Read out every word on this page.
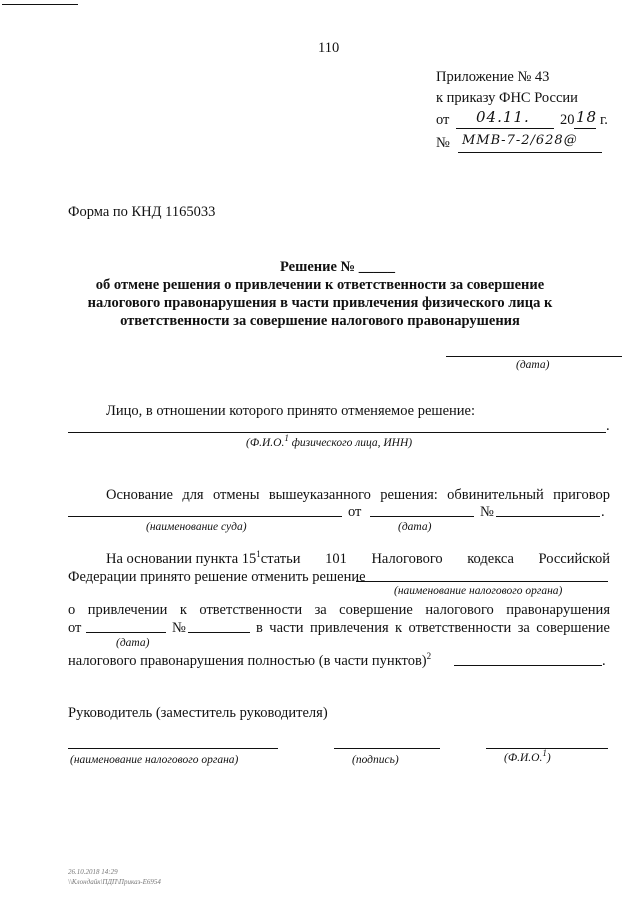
110
Приложение № 43
к приказу ФНС России
от 04.11. 20 18 г.
№ ММВ-7-2/628@
Форма по КНД 1165033
Решение № _____
об отмене решения о привлечении к ответственности за совершение
налогового правонарушения в части привлечения физического лица к
ответственности за совершение налогового правонарушения
(дата)
Лицо, в отношении которого принято отменяемое решение:
.
(Ф.И.О.$^1$ физического лица, ИНН)
Основание для отмены вышеуказанного решения: обвинительный приговор
от	№	.
(наименование суда)	(дата)
На основании пункта $15^1$ статьи 101 Налогового кодекса Российской
Федерации принято решение отменить решение
(наименование налогового органа)
о привлечении к ответственности за совершение налогового правонарушения
от	№	в части привлечения к ответственности за совершение
(дата)
налогового правонарушения полностью (в части пунктов)$^2$	.
Руководитель (заместитель руководителя)
(наименование налогового органа)	(подпись)	(Ф.И.О.$^1$)
26.10.2018 14:29
\\Клондайк\ПДП\Приказ-Е6954
